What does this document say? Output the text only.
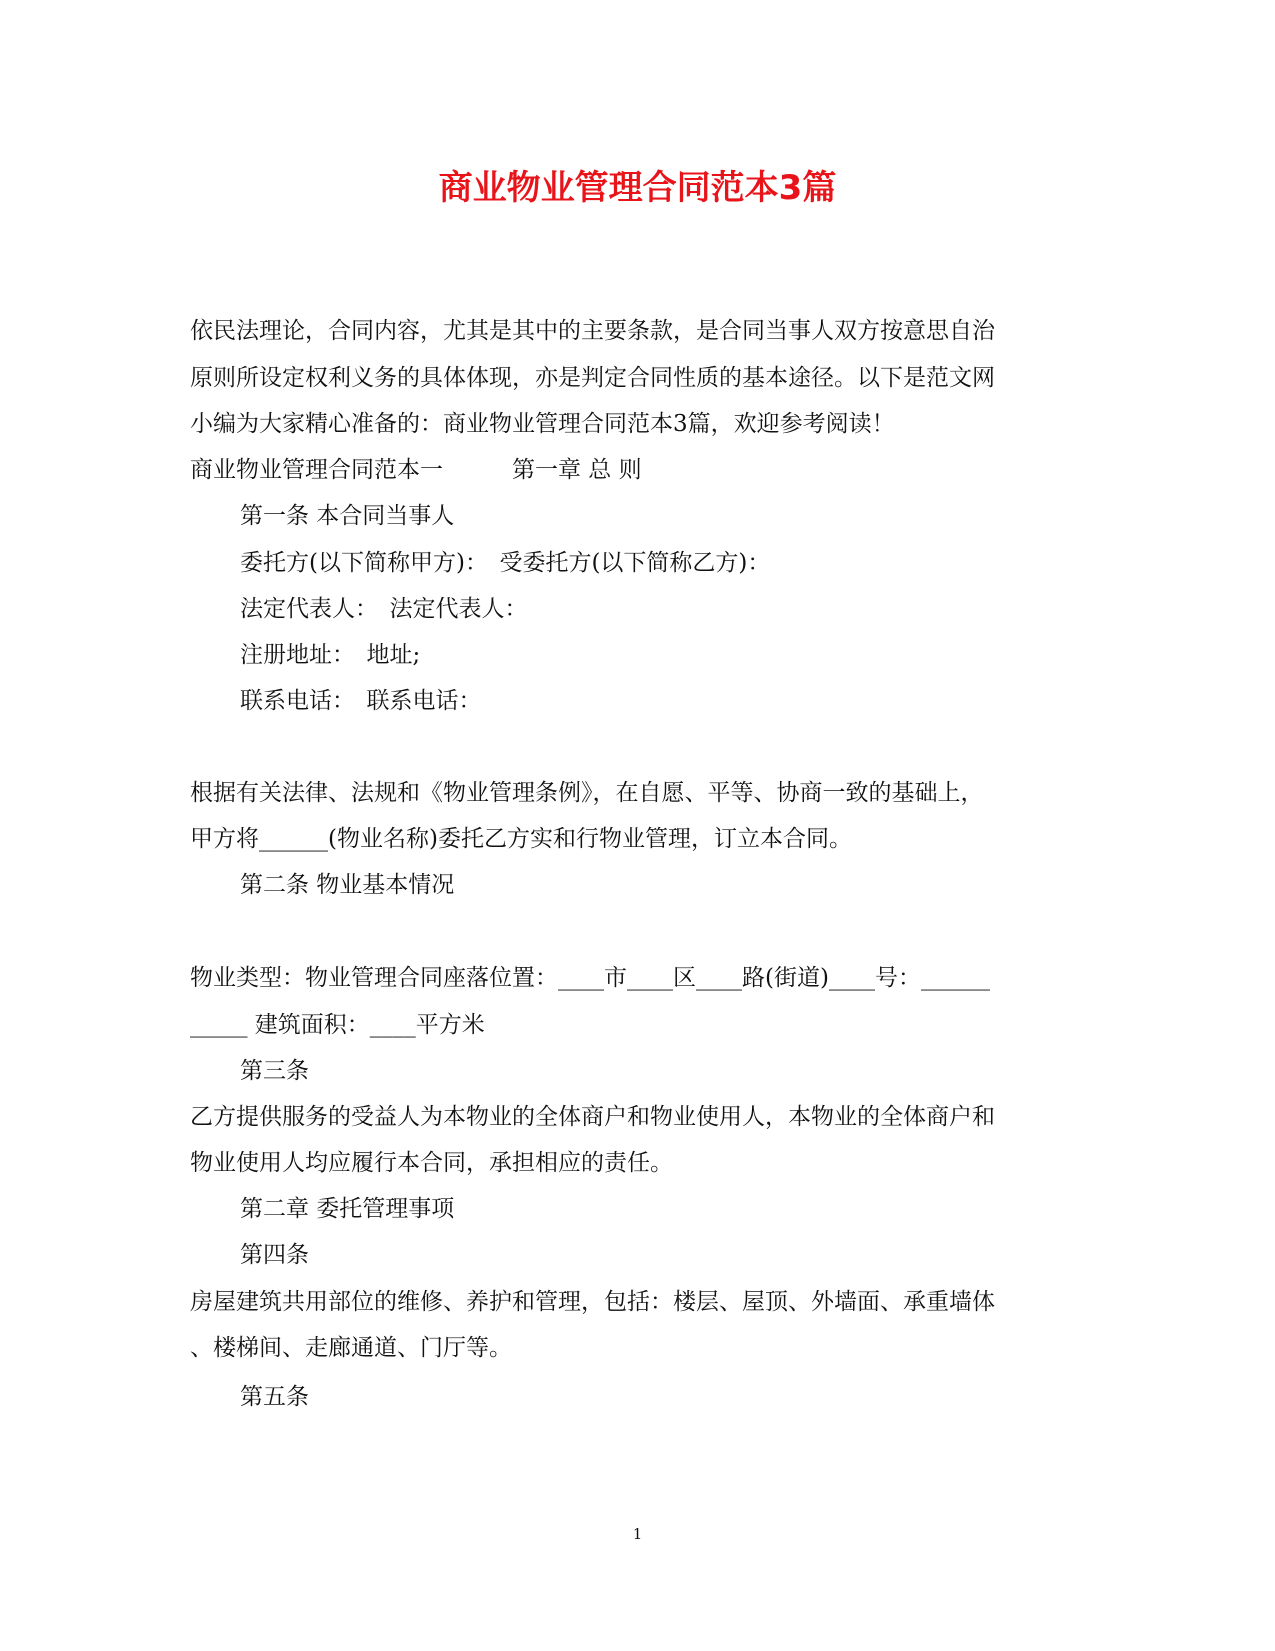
商业物业管理合同范本3篇
依民法理论，合同内容，尤其是其中的主要条款，是合同当事人双方按意思自治
原则所设定权利义务的具体体现，亦是判定合同性质的基本途径。以下是范文网
小编为大家精心准备的：商业物业管理合同范本3篇，欢迎参考阅读！
商业物业管理合同范本一　　　第一章 总 则
第一条 本合同当事人
委托方(以下简称甲方)：　受委托方(以下简称乙方)：
法定代表人：　法定代表人：
注册地址：　地址;
联系电话：　联系电话：
根据有关法律、法规和《物业管理条例》，在自愿、平等、协商一致的基础上，
甲方将______(物业名称)委托乙方实和行物业管理，订立本合同。
第二条 物业基本情况
物业类型：物业管理合同座落位置：____市____区____路(街道)____号：______
_____ 建筑面积：____平方米
第三条
乙方提供服务的受益人为本物业的全体商户和物业使用人，本物业的全体商户和
物业使用人均应履行本合同，承担相应的责任。
第二章 委托管理事项
第四条
房屋建筑共用部位的维修、养护和管理，包括：楼层、屋顶、外墙面、承重墙体
、楼梯间、走廊通道、门厅等。
第五条
1
